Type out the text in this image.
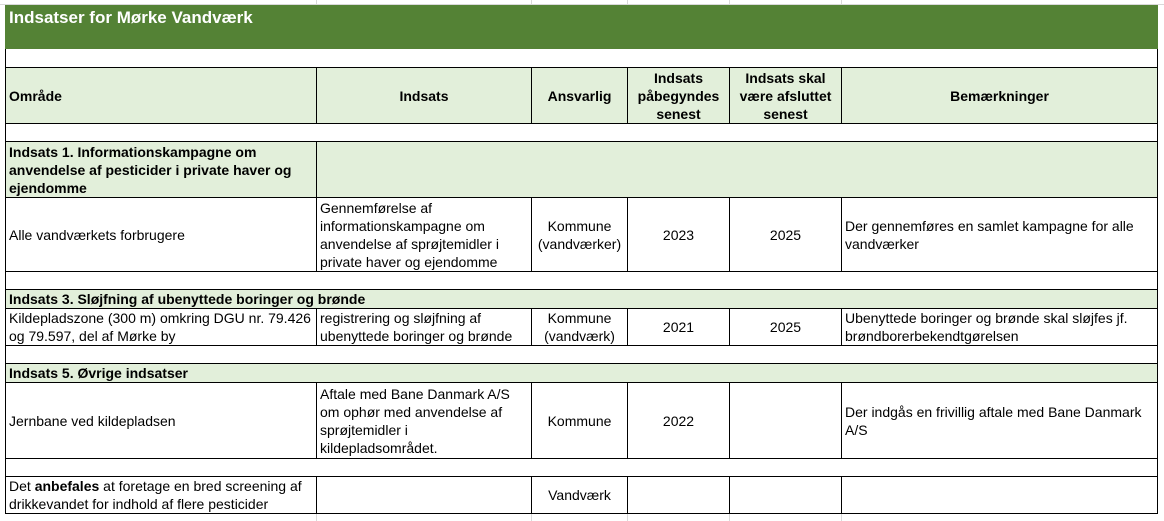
Indsatser for Mørke Vandværk					

Område	Indsats	Ansvarlig	Indsats påbegyndes senest	Indsats skal være afsluttet senest	Bemærkninger

Indsats 1. Informationskampagne om anvendelse af pesticider i private haver og ejendomme					
Alle vandværkets forbrugere	Gennemførelse af informationskampagne om anvendelse af sprøjtemidler i private haver og ejendomme	Kommune (vandværker)	2023	2025	Der gennemføres en samlet kampagne for alle vandværker

Indsats 3. Sløjfning af ubenyttede boringer og brønde					
Kildepladszone (300 m) omkring DGU nr. 79.426 og 79.597, del af Mørke by	registrering og sløjfning af ubenyttede boringer og brønde	Kommune (vandværk)	2021	2025	Ubenyttede boringer og brønde skal sløjfes jf. brøndborerbekendtgørelsen

Indsats 5. Øvrige indsatser					
Jernbane ved kildepladsen	Aftale med Bane Danmark A/S om ophør med anvendelse af sprøjtemidler i kildepladsområdet.	Kommune	2022		Der indgås en frivillig aftale med Bane Danmark A/S

Det anbefales at foretage en bred screening af drikkevandet for indhold af flere pesticider		Vandværk			
